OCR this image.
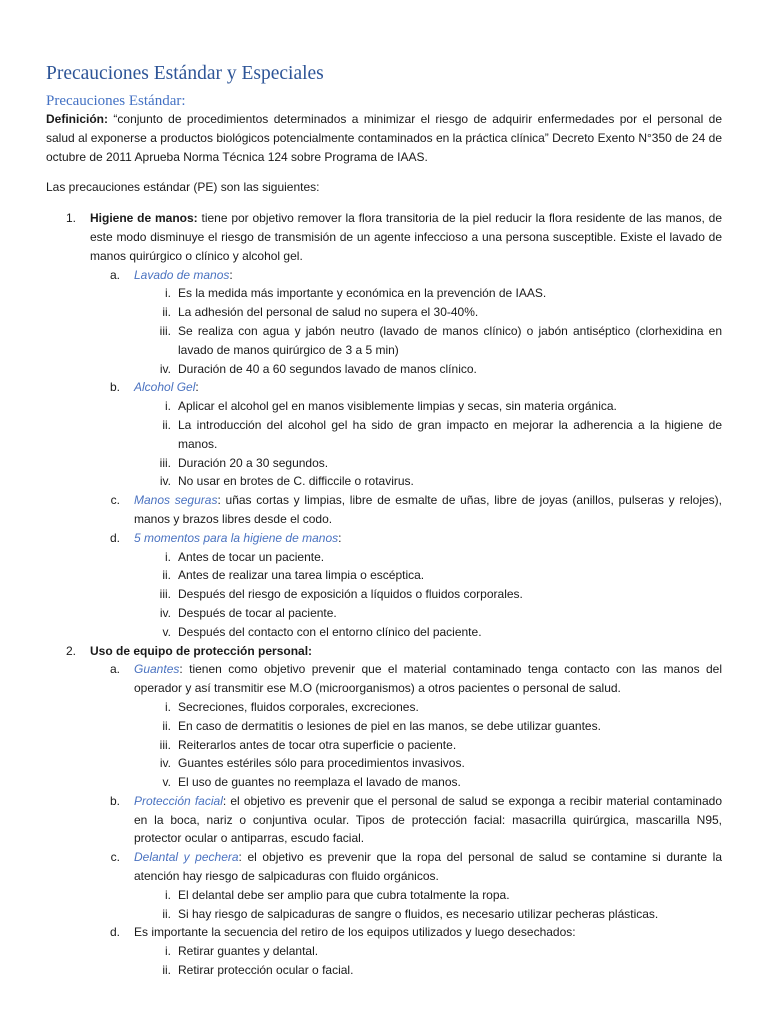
Precauciones Estándar y Especiales
Precauciones Estándar:

Definición: “conjunto de procedimientos determinados a minimizar el riesgo de adquirir enfermedades por el personal de salud al exponerse a productos biológicos potencialmente contaminados en la práctica clínica” Decreto Exento N°350 de 24 de octubre de 2011 Aprueba Norma Técnica 124 sobre Programa de IAAS.

Las precauciones estándar (PE) son las siguientes:

1. Higiene de manos: tiene por objetivo remover la flora transitoria de la piel reducir la flora residente de las manos, de este modo disminuye el riesgo de transmisión de un agente infeccioso a una persona susceptible. Existe el lavado de manos quirúrgico o clínico y alcohol gel.

a. Lavado de manos:

i. Es la medida más importante y económica en la prevención de IAAS.

ii. La adhesión del personal de salud no supera el 30-40%.

iii. Se realiza con agua y jabón neutro (lavado de manos clínico) o jabón antiséptico (clorhexidina en lavado de manos quirúrgico de 3 a 5 min)

iv. Duración de 40 a 60 segundos lavado de manos clínico.

b. Alcohol Gel:

i. Aplicar el alcohol gel en manos visiblemente limpias y secas, sin materia orgánica.

ii. La introducción del alcohol gel ha sido de gran impacto en mejorar la adherencia a la higiene de manos.

iii. Duración 20 a 30 segundos.

iv. No usar en brotes de C. difficcile o rotavirus.

c. Manos seguras: uñas cortas y limpias, libre de esmalte de uñas, libre de joyas (anillos, pulseras y relojes), manos y brazos libres desde el codo.

d. 5 momentos para la higiene de manos:

i. Antes de tocar un paciente.

ii. Antes de realizar una tarea limpia o escéptica.

iii. Después del riesgo de exposición a líquidos o fluidos corporales.

iv. Después de tocar al paciente.

v. Después del contacto con el entorno clínico del paciente.

2. Uso de equipo de protección personal:

a. Guantes: tienen como objetivo prevenir que el material contaminado tenga contacto con las manos del operador y así transmitir ese M.O (microorganismos) a otros pacientes o personal de salud.

i. Secreciones, fluidos corporales, excreciones.

ii. En caso de dermatitis o lesiones de piel en las manos, se debe utilizar guantes.

iii. Reiterarlos antes de tocar otra superficie o paciente.

iv. Guantes estériles sólo para procedimientos invasivos.

v. El uso de guantes no reemplaza el lavado de manos.

b. Protección facial: el objetivo es prevenir que el personal de salud se exponga a recibir material contaminado en la boca, nariz o conjuntiva ocular. Tipos de protección facial: masacrilla quirúrgica, mascarilla N95, protector ocular o antiparras, escudo facial.

c. Delantal y pechera: el objetivo es prevenir que la ropa del personal de salud se contamine si durante la atención hay riesgo de salpicaduras con fluido orgánicos.

i. El delantal debe ser amplio para que cubra totalmente la ropa.

ii. Si hay riesgo de salpicaduras de sangre o fluidos, es necesario utilizar pecheras plásticas.

d. Es importante la secuencia del retiro de los equipos utilizados y luego desechados:

i. Retirar guantes y delantal.

ii. Retirar protección ocular o facial.
